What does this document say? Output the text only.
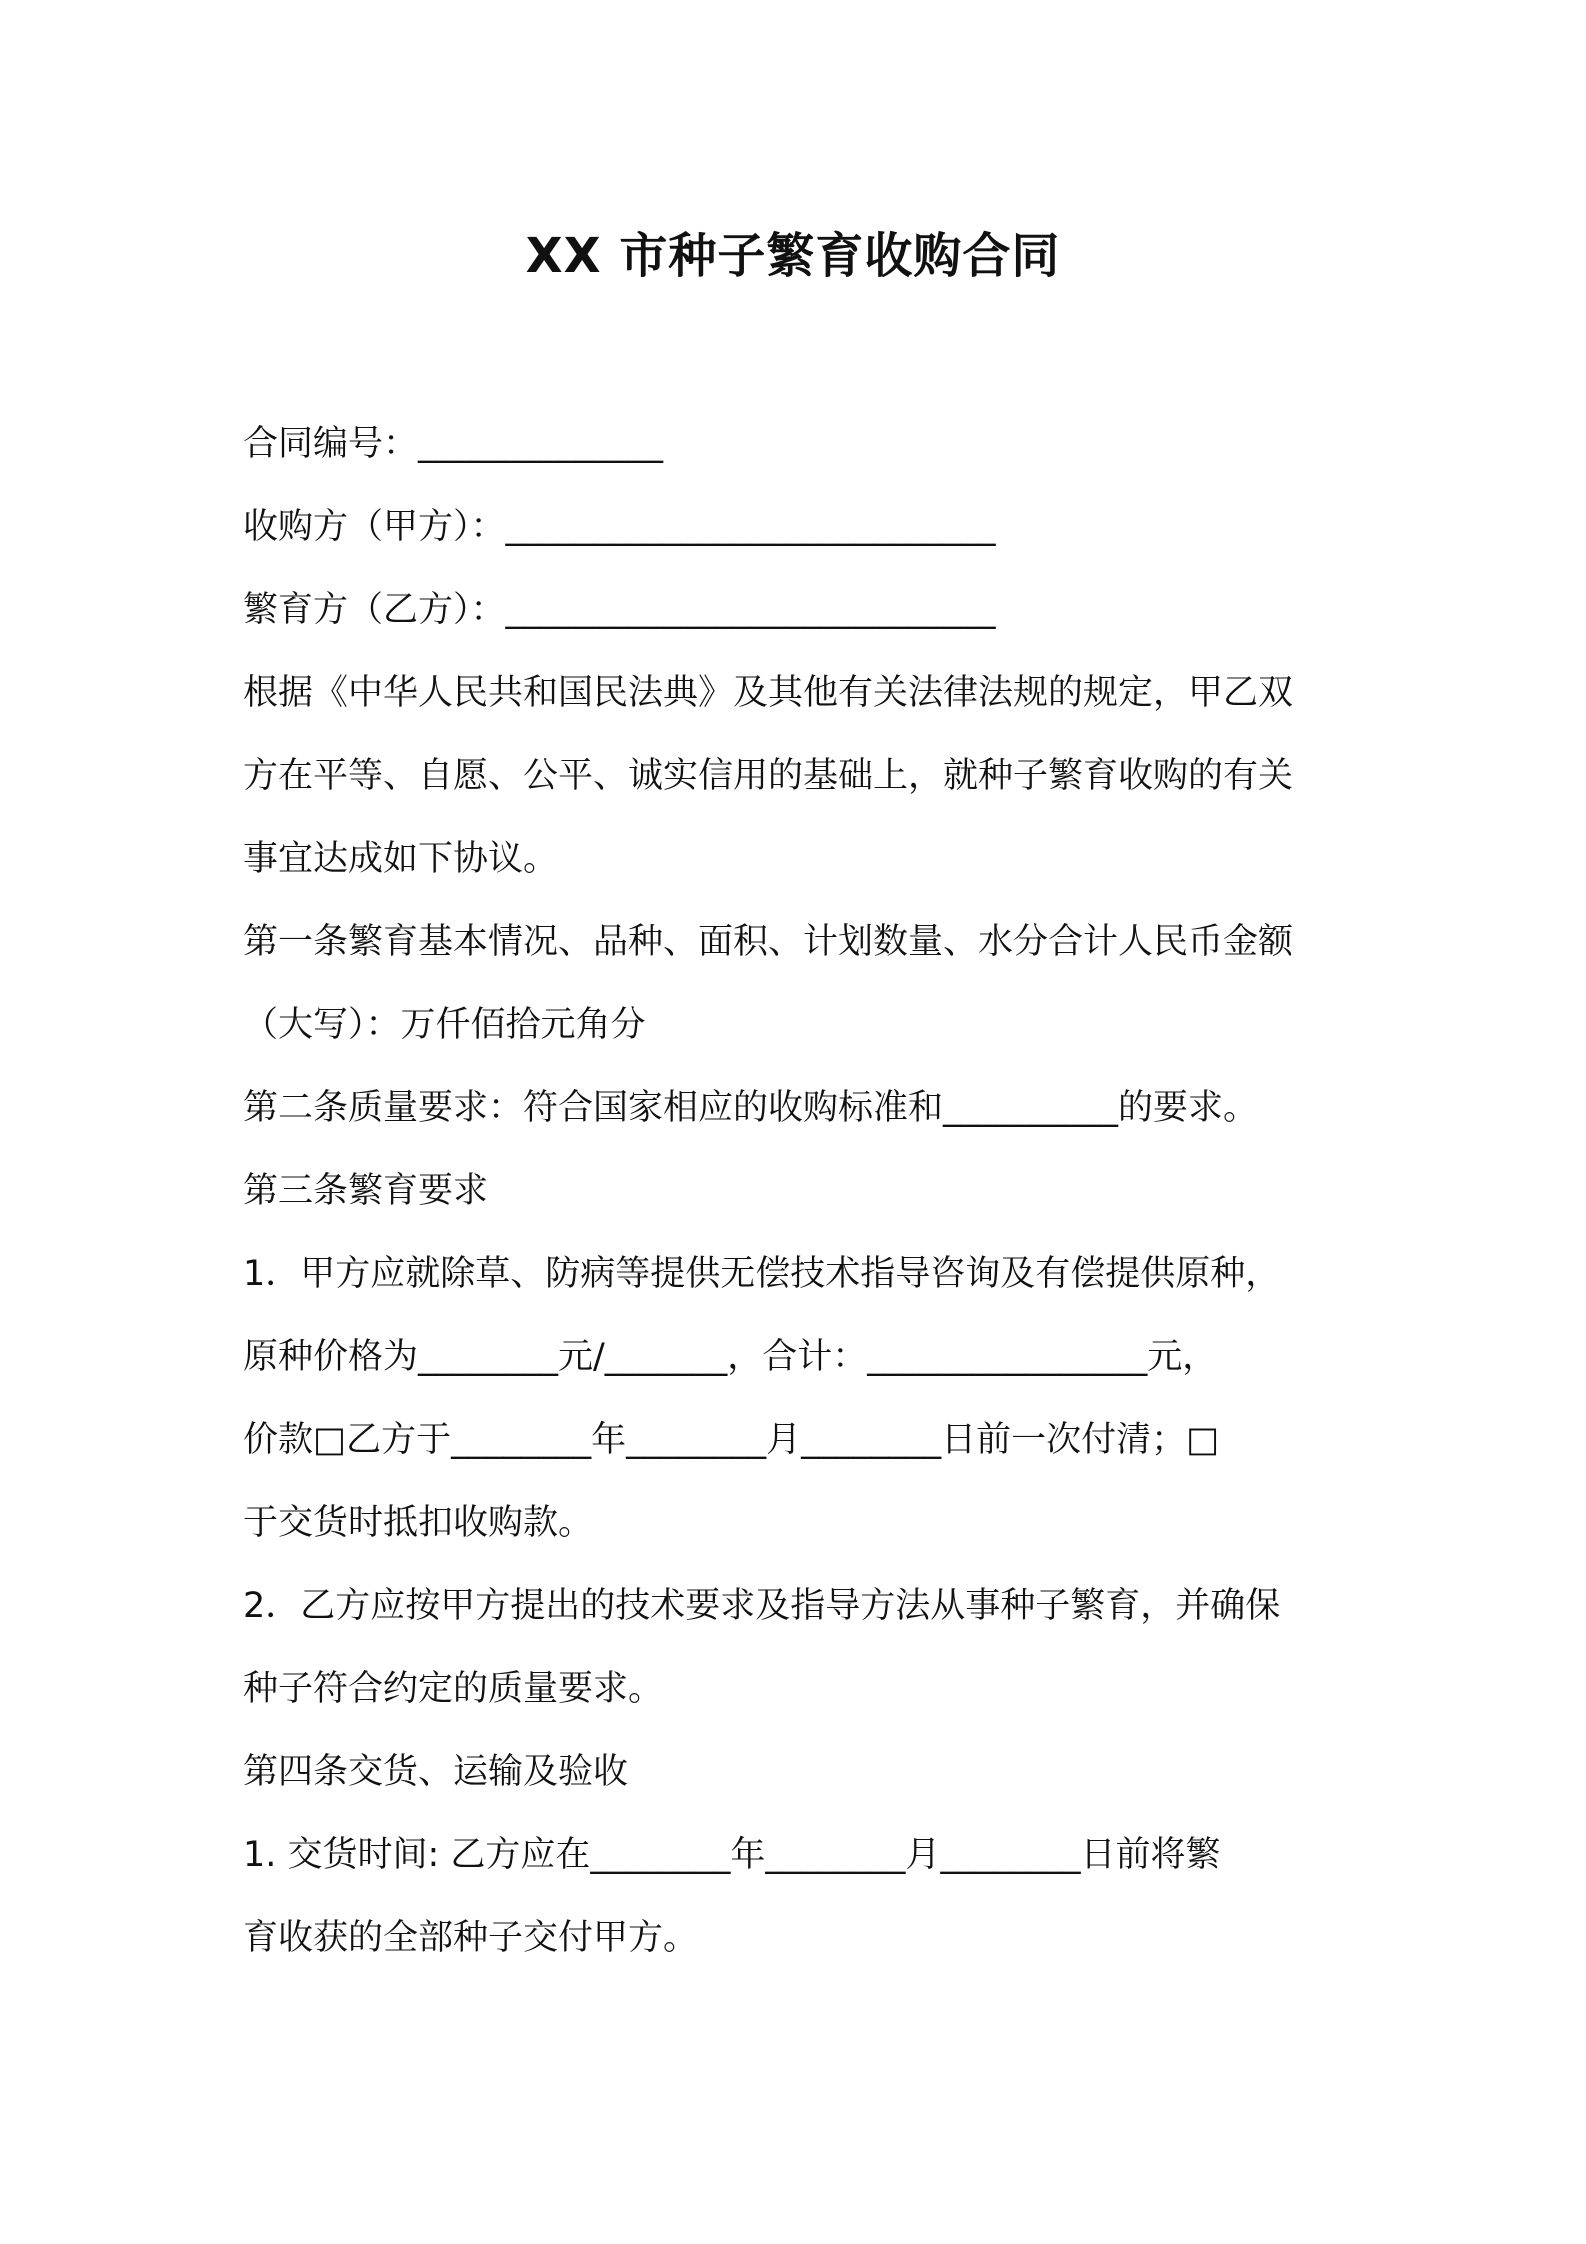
XX 市种子繁育收购合同
合同编号：______________
收购方（甲方）：____________________________
繁育方（乙方）：____________________________
根据《中华人民共和国民法典》及其他有关法律法规的规定，甲乙双
方在平等、自愿、公平、诚实信用的基础上，就种子繁育收购的有关
事宜达成如下协议。
第一条繁育基本情况、品种、面积、计划数量、水分合计人民币金额
（大写）：万仟佰拾元角分
第二条质量要求：符合国家相应的收购标准和__________的要求。
第三条繁育要求
1．甲方应就除草、防病等提供无偿技术指导咨询及有偿提供原种，
原种价格为________元/_______，合计：________________元，
价款□乙方于________年________月________日前一次付清；□
于交货时抵扣收购款。
2．乙方应按甲方提出的技术要求及指导方法从事种子繁育，并确保
种子符合约定的质量要求。
第四条交货、运输及验收
1. 交货时间: 乙方应在________年________月________日前将繁
育收获的全部种子交付甲方。
